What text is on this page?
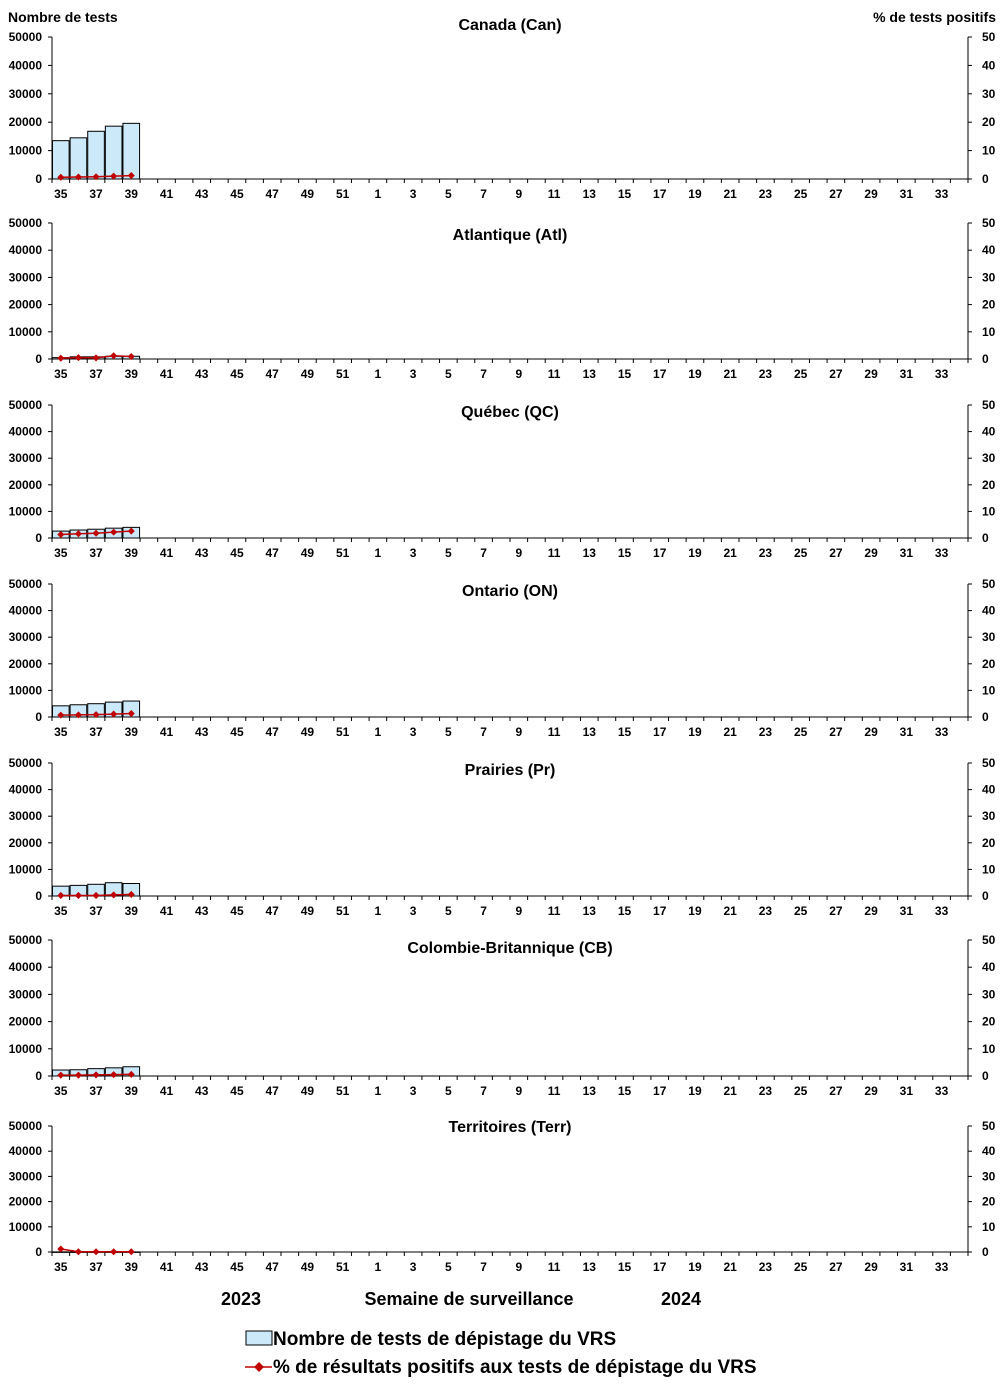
Nombre de tests	% de tests positifs
Canada (Can)
0
10000
20000
30000
40000
50000
0
10
20
30
40
50
35 37 39 41 43 45 47 49 51 1 3 5 7 9 11 13 15 17 19 21 23 25 27 29 31 33
Atlantique (Atl)
0
10000
20000
30000
40000
50000
0
10
20
30
40
50
35 37 39 41 43 45 47 49 51 1 3 5 7 9 11 13 15 17 19 21 23 25 27 29 31 33
Québec (QC)
0
10000
20000
30000
40000
50000
0
10
20
30
40
50
35 37 39 41 43 45 47 49 51 1 3 5 7 9 11 13 15 17 19 21 23 25 27 29 31 33
Ontario (ON)
0
10000
20000
30000
40000
50000
0
10
20
30
40
50
35 37 39 41 43 45 47 49 51 1 3 5 7 9 11 13 15 17 19 21 23 25 27 29 31 33
Prairies (Pr)
0
10000
20000
30000
40000
50000
0
10
20
30
40
50
35 37 39 41 43 45 47 49 51 1 3 5 7 9 11 13 15 17 19 21 23 25 27 29 31 33
Colombie-Britannique (CB)
0
10000
20000
30000
40000
50000
0
10
20
30
40
50
35 37 39 41 43 45 47 49 51 1 3 5 7 9 11 13 15 17 19 21 23 25 27 29 31 33
Territoires (Terr)
0
10000
20000
30000
40000
50000
0
10
20
30
40
50
35 37 39 41 43 45 47 49 51 1 3 5 7 9 11 13 15 17 19 21 23 25 27 29 31 33
2023	Semaine de surveillance	2024
Nombre de tests de dépistage du VRS
% de résultats positifs aux tests de dépistage du VRS
